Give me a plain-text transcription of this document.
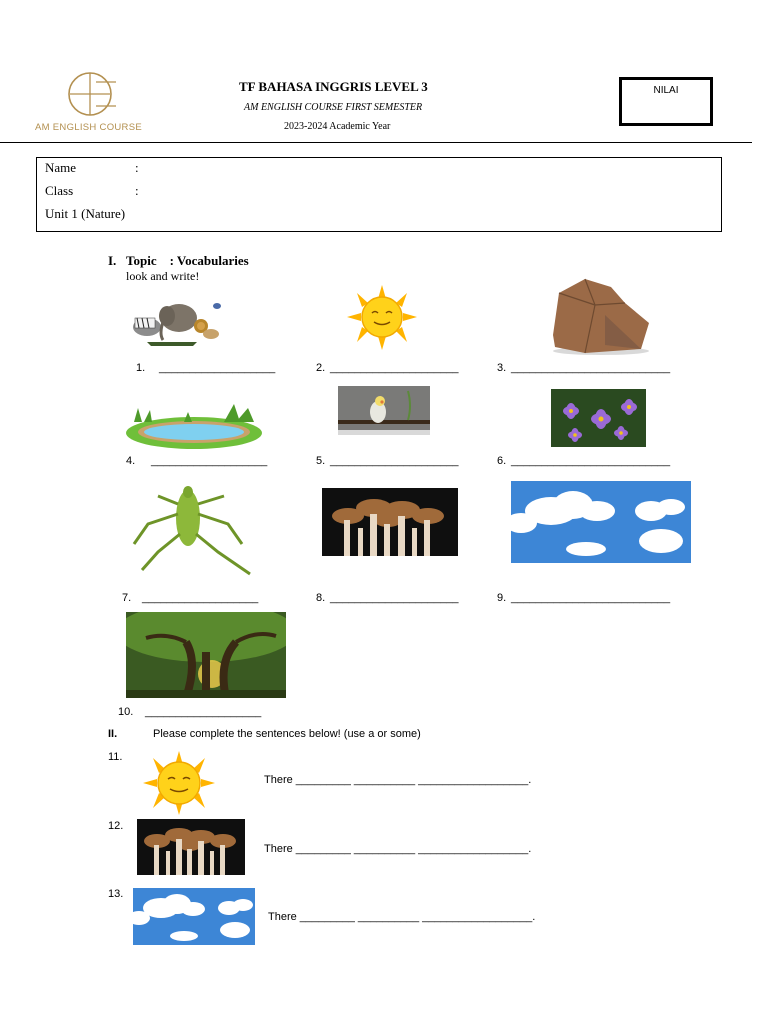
AM ENGLISH COURSE
TF BAHASA INGGRIS LEVEL 3
AM ENGLISH COURSE FIRST SEMESTER
2023-2024 Academic Year
NILAI
Name	:
Class	:
Unit 1 (Nature)
I. Topic    : Vocabularies
look and write!
1. ___________________	2. _____________________	3. __________________________
4. ___________________	5. _____________________	6. __________________________
7. ___________________	8. _____________________	9. __________________________
10. ___________________
II.	Please complete the sentences below! (use a or some)
11.
There _________ __________ __________________.
12.
There _________ __________ __________________.
13.
There _________ __________ __________________.
